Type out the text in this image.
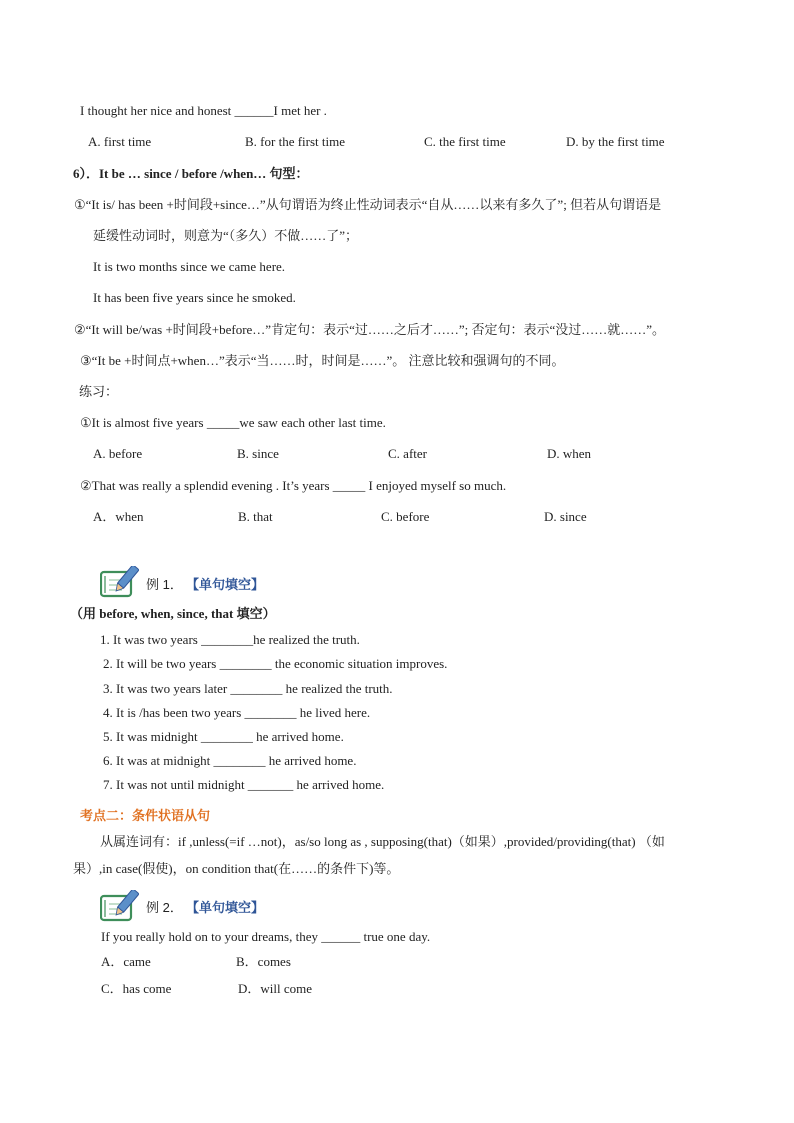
I thought her nice and honest ______I met her .
A. first time	B. for the first time	C. the first time	D. by the first time
6）．It be … since / before /when… 句型：
①“It is/ has been +时间段+since…”从句谓语为终止性动词表示“自从……以来有多久了”; 但若从句谓语是
延缓性动词时，则意为“（多久）不做……了”；
It is two months since we came here.
It has been five years since he smoked.
②“It will be/was +时间段+before…”肯定句：表示“过……之后才……”; 否定句：表示“没过……就……”。
③“It be +时间点+when…”表示“当……时，时间是……”。 注意比较和强调句的不同。
练习：
①It is almost five years _____we saw each other last time.
A. before	B. since	C. after	D. when
②That was really a splendid evening . It’s years _____ I enjoyed myself so much.
A．when	B. that	C. before	D. since
例 1． 【单句填空】
（用 before, when, since, that 填空）
1. It was two years ________he realized the truth.
2. It will be two years ________ the economic situation improves.
3. It was two years later ________ he realized the truth.
4. It is /has been two years ________ he lived here.
5. It was midnight ________ he arrived home.
6. It was at midnight ________ he arrived home.
7. It was not until midnight _______ he arrived home.
考点二：条件状语从句
从属连词有：if ,unless(=if …not)，as/so long as , supposing(that)（如果）,provided/providing(that) （如
果）,in case(假使)，on condition that(在……的条件下)等。
例 2． 【单句填空】
If you really hold on to your dreams, they ______ true one day.
A．came	B．comes
C．has come	D．will come
